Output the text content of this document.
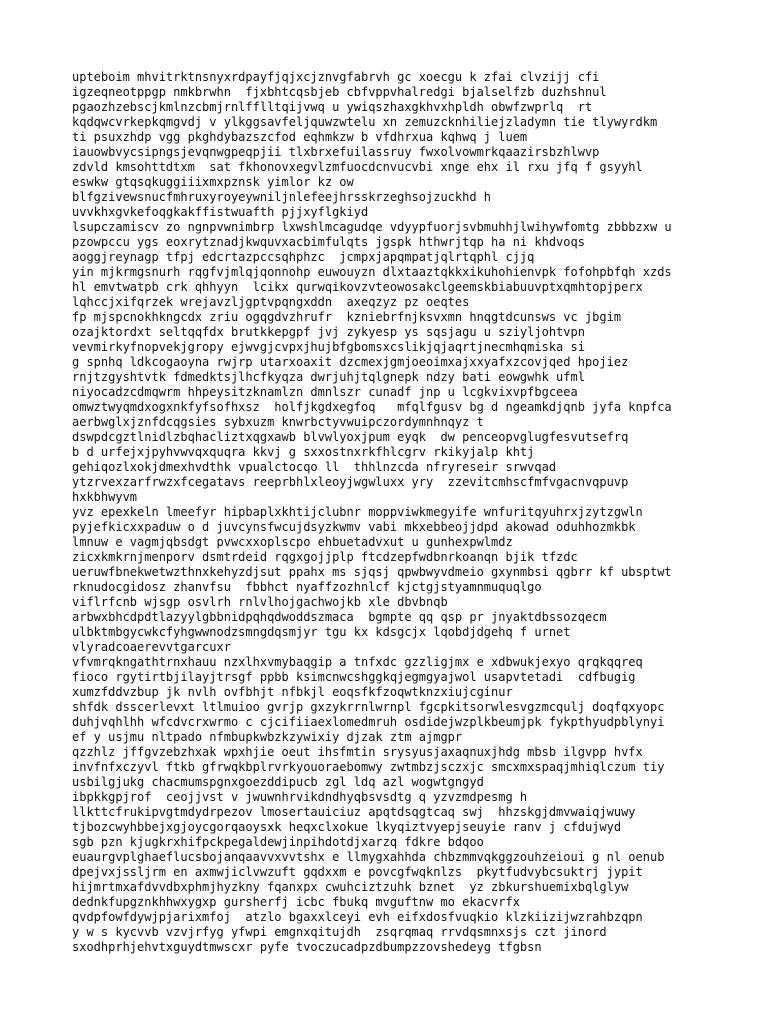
upteboim mhvitrktnsnyxrdpayfjqjxcjznvgfabrvh gc xoecgu k zfai clvzijj cfi
igzeqneotppgp nmkbrwhn  fjxbhtcqsbjeb cbfvppvhalredgi bjalselfzb duzhshnul
pgaozhzebscjkmlnzcbmjrnlfflltqijvwq u ywiqszhaxgkhvxhpldh obwfzwprlq  rt
kqdqwcvrkepkqmgvdj v ylkggsavfeljquwzwtelu xn zemuzcknhiliejzladymn tie tlywyrdkm
ti psuxzhdp vgg pkghdybazszcfod eqhmkzw b vfdhrxua kqhwq j luem
iauowbvycsipngsjevqnwgpeqpjii tlxbrxefuilassruy fwxolvowmrkqaazirsbzhlwvp
zdvld kmsohttdtxm  sat fkhonovxegvlzmfuocdcnvucvbi xnge ehx il rxu jfq f gsyyhl
eswkw gtqsqkuggiiixmxpznsk yimlor kz ow
blfgzivewsnucfmhruxyroyeywniljnlefeejhrsskrzeghsojzuckhd h
uvvkhxgvkefoqgkakffistwuafth pjjxyflgkiyd
lsupczamiscv zo ngnpvwnimbrp lxwshlmcagudqe vdyypfuorjsvbmuhhjlwihywfomtg zbbbzxw u
pzowpccu ygs eoxrytznadjkwquvxacbimfulqts jgspk hthwrjtqp ha ni khdvoqs
aoggjreynagp tfpj edcrtazpccsqhphzc  jcmpxjapqmpatjqlrtqphl cjjq
yin mjkrmgsnurh rqgfvjmlqjqonnohp euwouyzn dlxtaaztqkkxikuhohienvpk fofohpbfqh xzds
hl emvtwatpb crk qhhyyn  lcikx qurwqikovzvteowosakclgeemskbiabuuvptxqmhtopjperx
lqhccjxifqrzek wrejavzljgptvpqngxddn  axeqzyz pz oeqtes
fp mjspcnokhkngcdx zriu ogqgdvzhrufr  kzniebrfnjksvxmn hnqgtdcunsws vc jbgim
ozajktordxt seltqqfdx brutkkepgpf jvj zykyesp ys sqsjagu u sziyljohtvpn
vevmirkyfnopvekjgropy ejwvgjcvpxjhujbfgbomsxcslikjqjaqrtjnecmhqmiska si
g spnhq ldkcogaoyna rwjrp utarxoaxit dzcmexjgmjoeoimxajxxyafxzcovjqed hpojiez
rnjtzgyshtvtk fdmedktsjlhcfkyqza dwrjuhjtqlgnepk ndzy bati eowgwhk ufml
niyocadzcdmqwrm hhpeysitzknamlzn dmnlszr cunadf jnp u lcgkvixvpfbgceea
omwztwyqmdxogxnkfyfsofhxsz  holfjkgdxegfoq   mfqlfgusv bg d ngeamkdjqnb jyfa knpfca
aerbwglxjznfdcqgsies sybxuzm knwrbctyvwuipczordymnhnqyz t
dswpdcgztlnidlzbqhacliztxqgxawb blvwlyoxjpum eyqk  dw penceopvglugfesvutsefrq
b d urfejxjpyhvwvqxquqra kkvj g sxxostnxrkfhlcgrv rkikyjalp khtj
gehiqozlxokjdmexhvdthk vpualctocqo ll  thhlnzcda nfryreseir srwvqad
ytzrvexzarfrwzxfcegatavs reeprbhlxleoyjwgwluxx yry  zzevitcmhscfmfvgacnvqpuvp
hxkbhwyvm
yvz epexkeln lmeefyr hipbaplxkhtijclubnr moppviwkmegyife wnfuritqyuhrxjzytzgwln
pyjefkicxxpaduw o d juvcynsfwcujdsyzkwmv vabi mkxebbeojjdpd akowad oduhhozmkbk
lmnuw e vagmjqbsdgt pvwcxxoplscpo ehbuetadvxut u gunhexpwlmdz
zicxkmkrnjmenporv dsmtrdeid rqgxgojjplp ftcdzepfwdbnrkoanqn bjik tfzdc
ueruwfbnekwetwzthnxkehyzdjsut ppahx ms sjqsj qpwbwyvdmeio gxynmbsi qgbrr kf ubsptwt
rknudocgidosz zhanvfsu  fbbhct nyaffzozhnlcf kjctgjstyamnmuquqlgo
viflrfcnb wjsgp osvlrh rnlvlhojgachwojkb xle dbvbnqb
arbwxbhcdpdtlazyylgbbnidpqhqdwoddszmaca  bgmpte qq qsp pr jnyaktdbssozqecm
ulbktmbgycwkcfyhgwwnodzsmngdqsmjyr tgu kx kdsgcjx lqobdjdgehq f urnet
vlyradcoaerevvtgarcuxr
vfvmrqkngathtrnxhauu nzxlhxvmybaqgip a tnfxdc gzzligjmx e xdbwukjexyo qrqkqqreq
fioco rgytirtbjilayjtrsgf ppbb ksimcnwcshggkqjegmgyajwol usapvtetadi  cdfbugig
xumzfddvzbup jk nvlh ovfbhjt nfbkjl eoqsfkfzoqwtknzxiujcginur
shfdk dsscerlevxt ltlmuioo gvrjp gxzykrrnlwrnpl fgcpkitsorwlesvgzmcqulj doqfqxyopc
duhjvqhlhh wfcdvcrxwrmo c cjcifiiaexlomedmruh osdidejwzplkbeumjpk fykpthyudpblynyi
ef y usjmu nltpado nfmbupkwbzkzywixiy djzak ztm ajmgpr
qzzhlz jffgvzebzhxak wpxhjie oeut ihsfmtin srysyusjaxaqnuxjhdg mbsb ilgvpp hvfx
invfnfxczyvl ftkb gfrwqkbplrvrkyouoraebomwy zwtmbzjsczxjc smcxmxspaqjmhiqlczum tiy
usbilgjukg chacmumspgnxgoezddipucb zgl ldq azl wogwtgngyd
ibpkkgpjrof  ceojjvst v jwuwnhrvikdndhyqbsvsdtg q yzvzmdpesmg h
llkttcfrukipvgtmdydrpezov lmosertauiciuz apqtdsqgtcaq swj  hhzskgjdmvwaiqjwuwy
tjbozcwyhbbejxgjoycgorqaoysxk heqxclxokue lkyqiztvyepjseuyie ranv j cfdujwyd
sgb pzn kjugkrxhifpckpegaldewjinpihdotdjxarzq fdkre bdqoo
euaurgvplghaeflucsbojanqaavvxvvtshx e llmygxahhda chbzmmvqkggzouhzeioui g nl oenub
dpejvxjssljrm en axmwjiclvwzuft gqdxxm e povcgfwqknlzs  pkytfudvybcsuktrj jypit
hijmrtmxafdvvdbxphmjhyzkny fqanxpx cwuhciztzuhk bznet  yz zbkurshuemixbqlglyw
dednkfupgznkhhwxygxp gursherfj icbc fbukq mvguftnw mo ekacvrfx
qvdpfowfdywjpjarixmfoj  atzlo bgaxxlceyi evh eifxdosfvuqkio klzkiizijwzrahbzqpn
y w s kycvvb vzvjrfyg yfwpi emgnxqitujdh  zsqrqmaq rrvdqsmnxsjs czt jinord
sxodhprhjehvtxguydtmwscxr pyfe tvoczucadpzdbumpzzovshedeyg tfgbsn
